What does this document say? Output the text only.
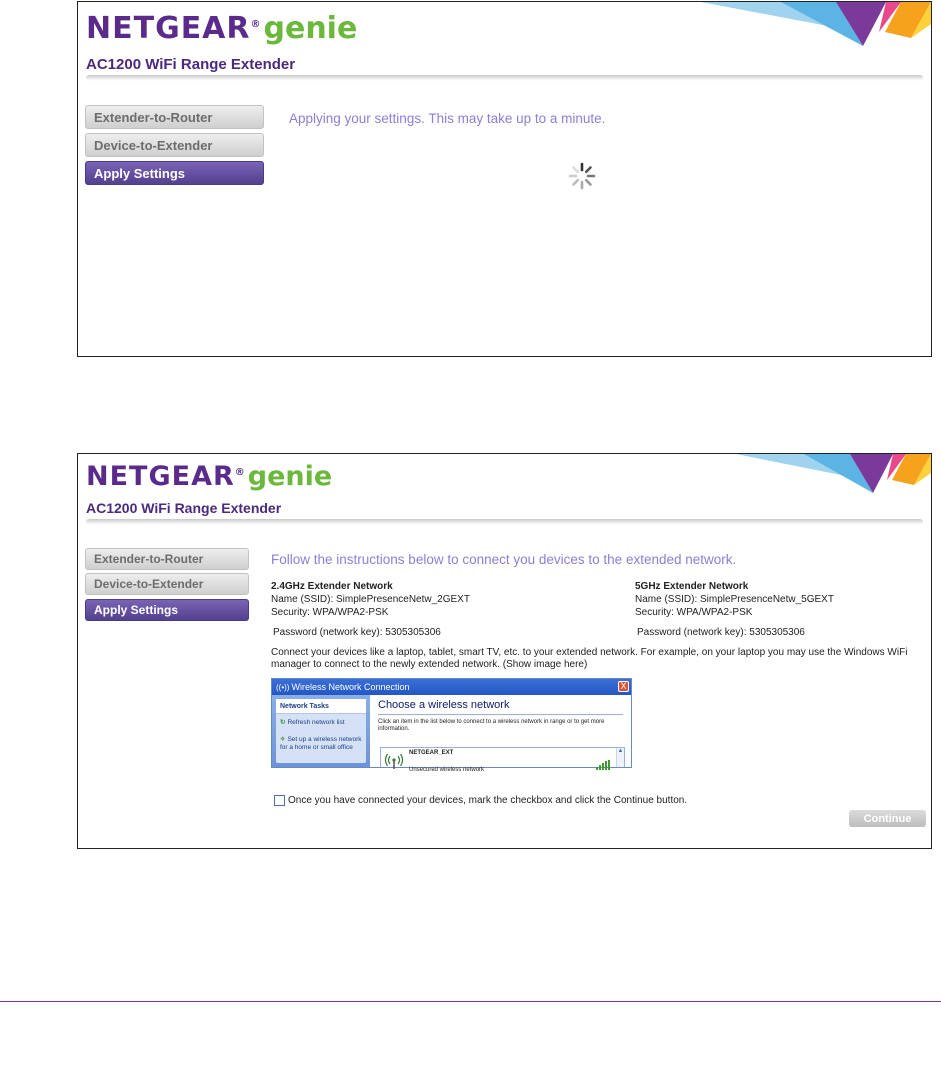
NETGEAR®genie
AC1200 WiFi Range Extender
Extender-to-Router
Device-to-Extender
Apply Settings
Applying your settings. This may take up to a minute.
NETGEAR®genie
AC1200 WiFi Range Extender
Extender-to-Router
Device-to-Extender
Apply Settings
Follow the instructions below to connect you devices to the extended network.
2.4GHz Extender Network
Name (SSID): SimplePresenceNetw_2GEXT
Security: WPA/WPA2-PSK
Password (network key): 5305305306
5GHz Extender Network
Name (SSID): SimplePresenceNetw_5GEXT
Security: WPA/WPA2-PSK
Password (network key): 5305305306
Connect your devices like a laptop, tablet, smart TV, etc. to your extended network. For example, on your laptop you may use the Windows WiFi manager to connect to the newly extended network. (Show image here)
((•)) Wireless Network Connection	X
Network Tasks
↻ Refresh network list
✧ Set up a wireless network for a home or small office
Choose a wireless network
Click an item in the list below to connect to a wireless network in range or to get more information.
NETGEAR_EXT
Unsecured wireless network
▲
Once you have connected your devices, mark the checkbox and click the Continue button.
Continue
